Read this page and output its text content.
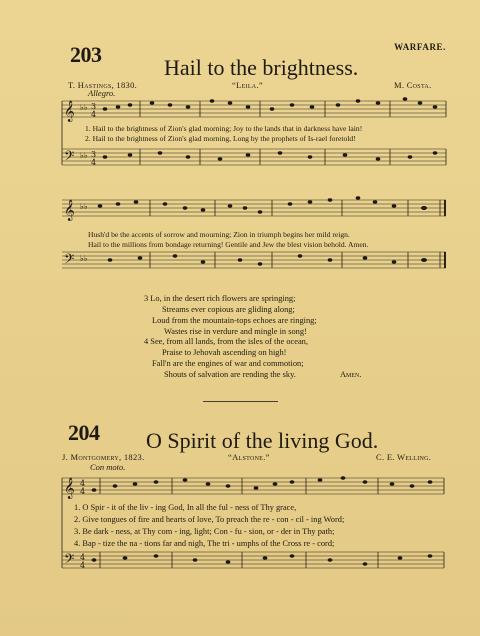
WARFARE.
203
Hail to the brightness.
T. Hastings, 1830.	“Leila.”	M. Costa.
Allegro.
𝄞
𝄢
♭♭
♭♭
3
4
3
4
1. Hail to the brightness of Zion's glad morning; Joy to the lands that in darkness have lain!
2. Hail to the brightness of Zion's glad morning, Long by the prophets of Is-rael foretold!
𝄞
𝄢
♭♭
♭♭
Hush'd be the accents of sorrow and mourning; Zion in triumph begins her mild reign.
Hail to the millions from bondage returning! Gentile and Jew the blest vision behold. Amen.
3 Lo, in the desert rich flowers are springing;
Streams ever copious are gliding along;
Loud from the mountain-tops echoes are ringing;
Wastes rise in verdure and mingle in song!
4 See, from all lands, from the isles of the ocean,
Praise to Jehovah ascending on high!
Fall'n are the engines of war and commotion;
Shouts of salvation are rending the sky.	Amen.
204 O Spirit of the living God.
J. Montgomery, 1823.	“Alstone.”	C. E. Welling.
Con moto.
𝄞
𝄢
4
4
4
4
1. O Spir - it of the liv - ing God, In all the ful - ness of Thy grace,
2. Give tongues of fire and hearts of love, To preach the re - con - cil - ing Word;
3. Be dark - ness, at Thy com - ing, light; Con - fu - sion, or - der in Thy path;
4. Bap - tize the na - tions far and nigh, The tri - umphs of the Cross re - cord;
